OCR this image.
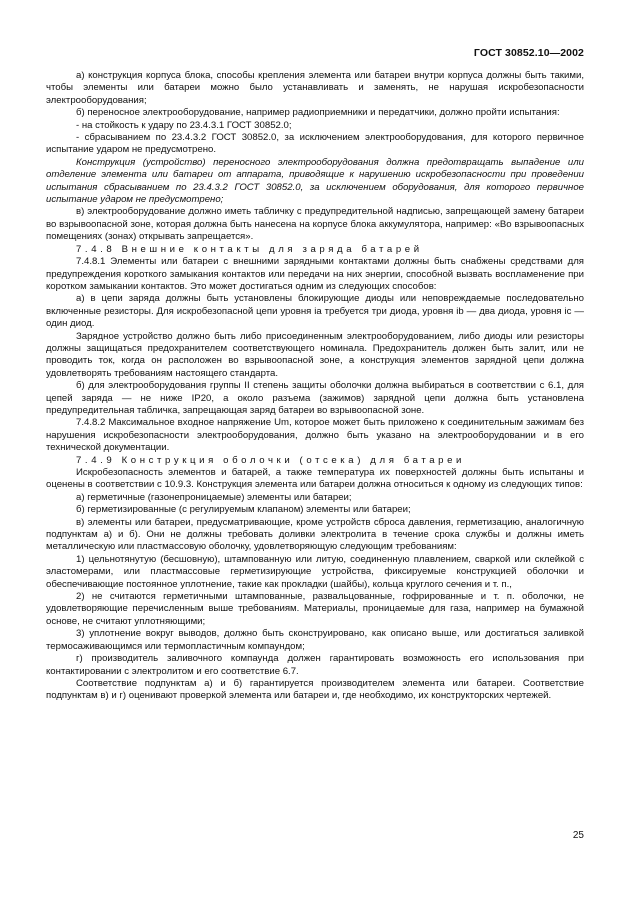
ГОСТ 30852.10—2002

а) конструкция корпуса блока, способы крепления элемента или батареи внутри корпуса должны быть такими, чтобы элементы или батареи можно было устанавливать и заменять, не нарушая искробезопасности электрооборудования;

б) переносное электрооборудование, например радиоприемники и передатчики, должно пройти испытания:

- на стойкость к удару по 23.4.3.1 ГОСТ 30852.0;

- сбрасыванием по 23.4.3.2 ГОСТ 30852.0, за исключением электрооборудования, для которого первичное испытание ударом не предусмотрено.

Конструкция (устройство) переносного электрооборудования должна предотвращать выпадение или отделение элемента или батареи от аппарата, приводящие к нарушению искробезопасности при проведении испытания сбрасыванием по 23.4.3.2 ГОСТ 30852.0, за исключением оборудования, для которого первичное испытание ударом не предусмотрено;

в) электрооборудование должно иметь табличку с предупредительной надписью, запрещающей замену батареи во взрывоопасной зоне, которая должна быть нанесена на корпусе блока аккумулятора, например: «Во взрывоопасных помещениях (зонах) открывать запрещается».

7.4.8 Внешние контакты для заряда батарей

7.4.8.1 Элементы или батареи с внешними зарядными контактами должны быть снабжены средствами для предупреждения короткого замыкания контактов или передачи на них энергии, способной вызвать воспламенение при коротком замыкании контактов. Это может достигаться одним из следующих способов:

а) в цепи заряда должны быть установлены блокирующие диоды или неповреждаемые последовательно включенные резисторы. Для искробезопасной цепи уровня ia требуется три диода, уровня ib — два диода, уровня ic — один диод.

Зарядное устройство должно быть либо присоединенным электрооборудованием, либо диоды или резисторы должны защищаться предохранителем соответствующего номинала. Предохранитель должен быть залит, или не проводить ток, когда он расположен во взрывоопасной зоне, а конструкция элементов зарядной цепи должна удовлетворять требованиям настоящего стандарта.

б) для электрооборудования группы II степень защиты оболочки должна выбираться в соответствии с 6.1, для цепей заряда — не ниже IP20, а около разъема (зажимов) зарядной цепи должна быть установлена предупредительная табличка, запрещающая заряд батареи во взрывоопасной зоне.

7.4.8.2 Максимальное входное напряжение Um, которое может быть приложено к соединительным зажимам без нарушения искробезопасности электрооборудования, должно быть указано на электрооборудовании и в его технической документации.

7.4.9 Конструкция оболочки (отсека) для батареи

Искробезопасность элементов и батарей, а также температура их поверхностей должны быть испытаны и оценены в соответствии с 10.9.3. Конструкция элемента или батареи должна относиться к одному из следующих типов:

а) герметичные (газонепроницаемые) элементы или батареи;

б) герметизированные (с регулируемым клапаном) элементы или батареи;

в) элементы или батареи, предусматривающие, кроме устройств сброса давления, герметизацию, аналогичную подпунктам а) и б). Они не должны требовать доливки электролита в течение срока службы и должны иметь металлическую или пластмассовую оболочку, удовлетворяющую следующим требованиям:

1) цельнотянутую (бесшовную), штампованную или литую, соединенную плавлением, сваркой или склейкой с эластомерами, или пластмассовые герметизирующие устройства, фиксируемые конструкцией оболочки и обеспечивающие постоянное уплотнение, такие как прокладки (шайбы), кольца круглого сечения и т. п.,

2) не считаются герметичными штампованные, развальцованные, гофрированные и т. п. оболочки, не удовлетворяющие перечисленным выше требованиям. Материалы, проницаемые для газа, например на бумажной основе, не считают уплотняющими;

3) уплотнение вокруг выводов, должно быть сконструировано, как описано выше, или достигаться заливкой термосаживающимся или термопластичным компаундом;

г) производитель заливочного компаунда должен гарантировать возможность его использования при контактировании с электролитом и его соответствие 6.7.

Соответствие подпунктам а) и б) гарантируется производителем элемента или батареи. Соответствие подпунктам в) и г) оценивают проверкой элемента или батареи и, где необходимо, их конструкторских чертежей.

25
